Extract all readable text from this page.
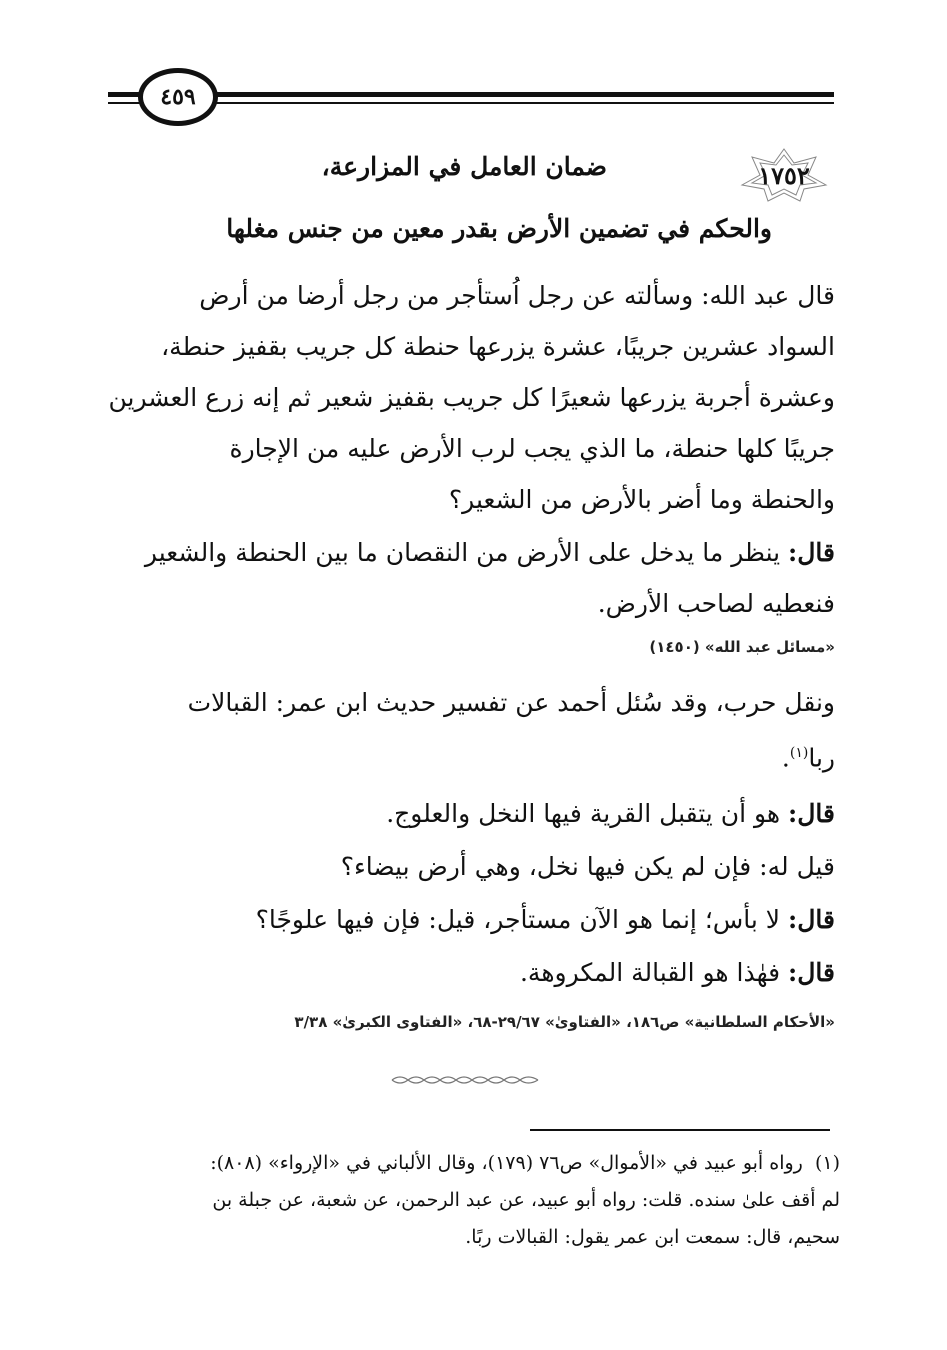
٤٥٩
١٧٥٢
ضمان العامل في المزارعة،
والحكم في تضمين الأرض بقدر معين من جنس مغلها
قال عبد الله: وسألته عن رجل اُستأجر من رجل أرضا من أرض
السواد عشرين جريبًا، عشرة يزرعها حنطة كل جريب بقفيز حنطة،
وعشرة أجربة يزرعها شعيرًا كل جريب بقفيز شعير ثم إنه زرع العشرين
جريبًا كلها حنطة، ما الذي يجب لرب الأرض عليه من الإجارة
والحنطة وما أضر بالأرض من الشعير؟
قال: ينظر ما يدخل على الأرض من النقصان ما بين الحنطة والشعير
فنعطيه لصاحب الأرض.
«مسائل عبد الله» (١٤٥٠)
ونقل حرب، وقد سُئل أحمد عن تفسير حديث ابن عمر: القبالات
ربا$^{(١)}$.
قال: هو أن يتقبل القرية فيها النخل والعلوج.
قيل له: فإن لم يكن فيها نخل، وهي أرض بيضاء؟
قال: لا بأس؛ إنما هو الآن مستأجر، قيل: فإن فيها علوجًا؟
قال: فهٰذا هو القبالة المكروهة.
«الأحكام السلطانية» ص١٨٦، «الفتاوىٰ» ٢٩/٦٧-٦٨، «الفتاوى الكبرىٰ» ٣/٣٨
(١)  رواه أبو عبيد في «الأموال» ص٧٦ (١٧٩)، وقال الألباني في «الإرواء» (٨٠٨):
لم أقف علىٰ سنده. قلت: رواه أبو عبيد، عن عبد الرحمن، عن شعبة، عن جبلة بن
سحيم، قال: سمعت ابن عمر يقول: القبالات ربًا.
